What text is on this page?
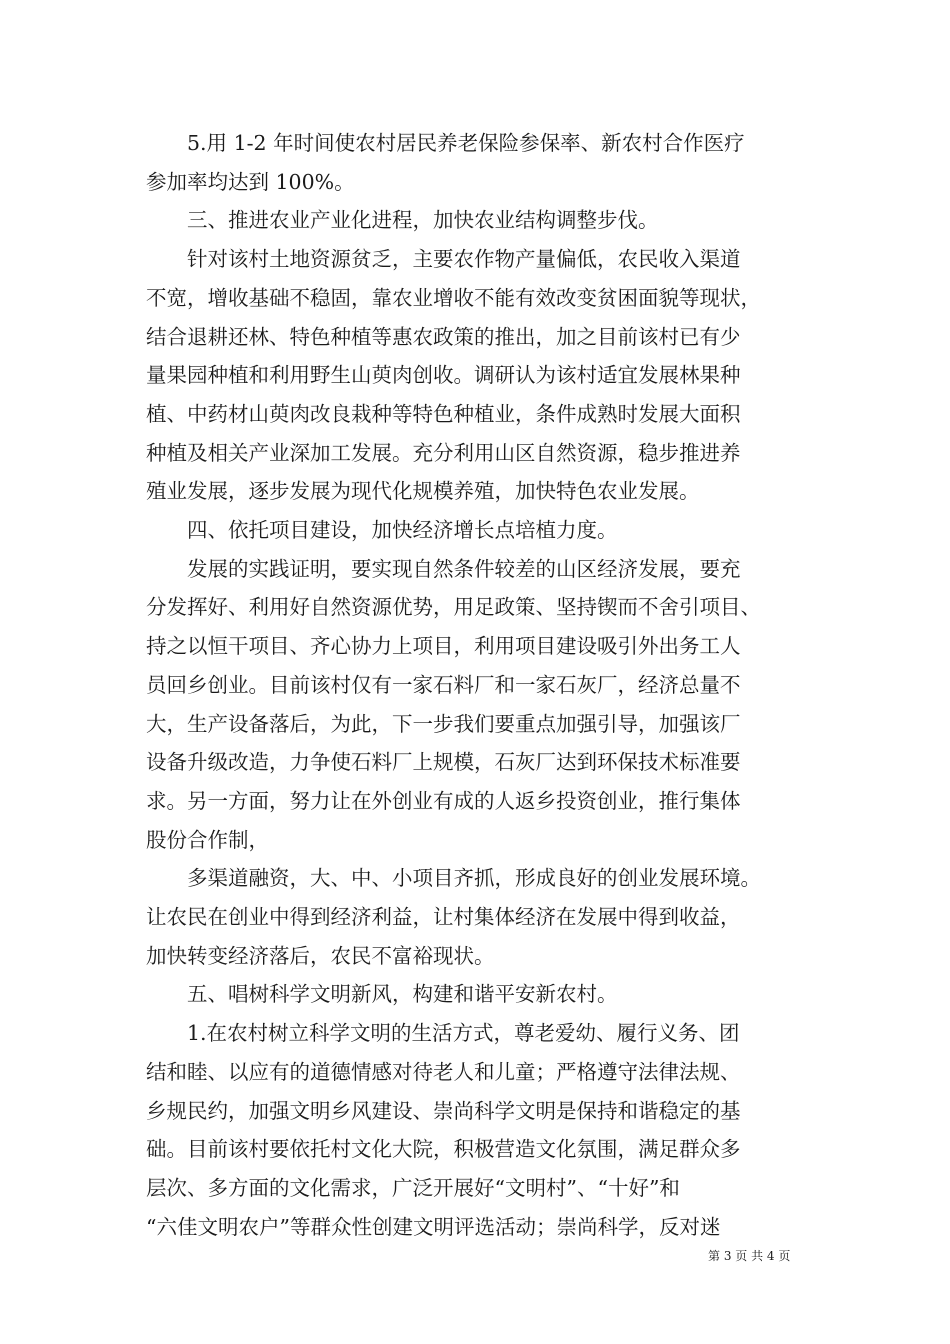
5.用 1-2 年时间使农村居民养老保险参保率、新农村合作医疗
参加率均达到 100%。
三、推进农业产业化进程，加快农业结构调整步伐。
针对该村土地资源贫乏，主要农作物产量偏低，农民收入渠道
不宽，增收基础不稳固，靠农业增收不能有效改变贫困面貌等现状，
结合退耕还林、特色种植等惠农政策的推出，加之目前该村已有少
量果园种植和利用野生山萸肉创收。调研认为该村适宜发展林果种
植、中药材山萸肉改良栽种等特色种植业，条件成熟时发展大面积
种植及相关产业深加工发展。充分利用山区自然资源，稳步推进养
殖业发展，逐步发展为现代化规模养殖，加快特色农业发展。
四、依托项目建设，加快经济增长点培植力度。
发展的实践证明，要实现自然条件较差的山区经济发展，要充
分发挥好、利用好自然资源优势，用足政策、坚持锲而不舍引项目、
持之以恒干项目、齐心协力上项目，利用项目建设吸引外出务工人
员回乡创业。目前该村仅有一家石料厂和一家石灰厂，经济总量不
大，生产设备落后，为此，下一步我们要重点加强引导，加强该厂
设备升级改造，力争使石料厂上规模，石灰厂达到环保技术标准要
求。另一方面，努力让在外创业有成的人返乡投资创业，推行集体
股份合作制，
多渠道融资，大、中、小项目齐抓，形成良好的创业发展环境。
让农民在创业中得到经济利益，让村集体经济在发展中得到收益，
加快转变经济落后，农民不富裕现状。
五、唱树科学文明新风，构建和谐平安新农村。
1.在农村树立科学文明的生活方式，尊老爱幼、履行义务、团
结和睦、以应有的道德情感对待老人和儿童；严格遵守法律法规、
乡规民约，加强文明乡风建设、崇尚科学文明是保持和谐稳定的基
础。目前该村要依托村文化大院，积极营造文化氛围，满足群众多
层次、多方面的文化需求，广泛开展好“文明村”、“十好”和
“六佳文明农户”等群众性创建文明评选活动；崇尚科学，反对迷
第 3 页 共 4 页
